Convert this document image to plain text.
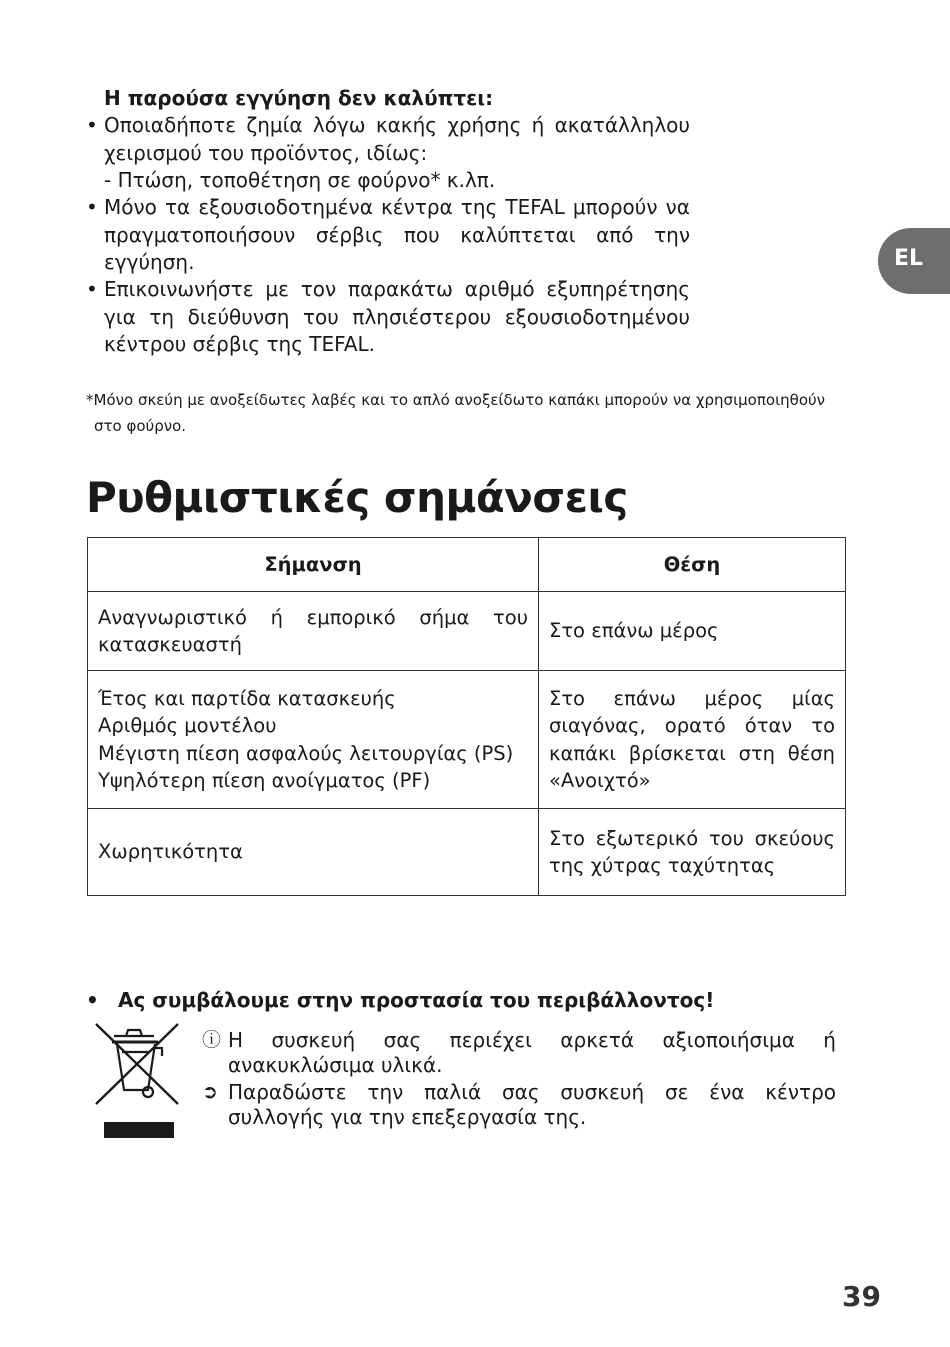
Η παρούσα εγγύηση δεν καλύπτει:
• Οποιαδήποτε ζημία λόγω κακής χρήσης ή ακατάλληλου χειρισμού του προϊόντος, ιδίως:
- Πτώση, τοποθέτηση σε φούρνο* κ.λπ.
• Μόνο τα εξουσιοδοτημένα κέντρα της TEFAL μπορούν να πραγματοποιήσουν σέρβις που καλύπτεται από την εγγύηση.
• Επικοινωνήστε με τον παρακάτω αριθμό εξυπηρέτησης για τη διεύθυνση του πλησιέστερου εξουσιοδοτημένου κέντρου σέρβις της TEFAL.
*Μόνο σκεύη με ανοξείδωτες λαβές και το απλό ανοξείδωτο καπάκι μπορούν να χρησιμοποιηθούν
στο φούρνο.
Ρυθμιστικές σημάνσεις
Σήμανση	Θέση

Αναγνωριστικό ή εμπορικό σήμα του κατασκευαστή	Στο επάνω μέρος

Έτος και παρτίδα κατασκευής
Αριθμός μοντέλου
Μέγιστη πίεση ασφαλούς λειτουργίας (PS)
Υψηλότερη πίεση ανοίγματος (PF)	Στο επάνω μέρος μίας σιαγόνας, ορατό όταν το καπάκι βρίσκεται στη θέση «Ανοιχτό»

Χωρητικότητα	Στο εξωτερικό του σκεύους της χύτρας ταχύτητας
• Ας συμβάλουμε στην προστασία του περιβάλλοντος!
ⓘ Η συσκευή σας περιέχει αρκετά αξιοποιήσιμα ή ανακυκλώσιμα υλικά.
➲ Παραδώστε την παλιά σας συσκευή σε ένα κέντρο συλλογής για την επεξεργασία της.
EL
39
